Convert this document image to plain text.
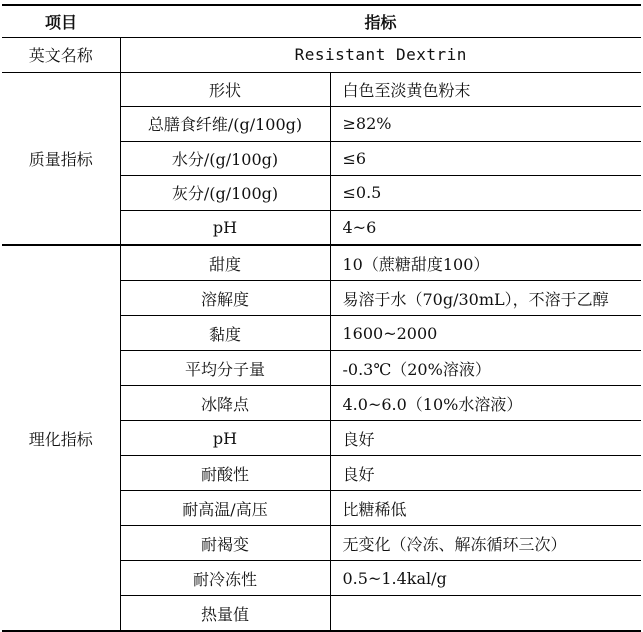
项目	指标	
英文名称	Resistant Dextrin	
质量指标	形状	白色至淡黄色粉末
	总膳食纤维/(g/100g)	≥82%
	水分/(g/100g)	≤6
	灰分/(g/100g)	≤0.5
	pH	4~6
理化指标	甜度	10（蔗糖甜度100）
	溶解度	易溶于水（70g/30mL），不溶于乙醇
	黏度	1600~2000
	平均分子量	-0.3℃（20%溶液）
	冰降点	4.0~6.0（10%水溶液）
	pH	良好
	耐酸性	良好
	耐高温/高压	比糖稀低
	耐褐变	无变化（冷冻、解冻循环三次）
	耐冷冻性	0.5~1.4kal/g
	热量值	
